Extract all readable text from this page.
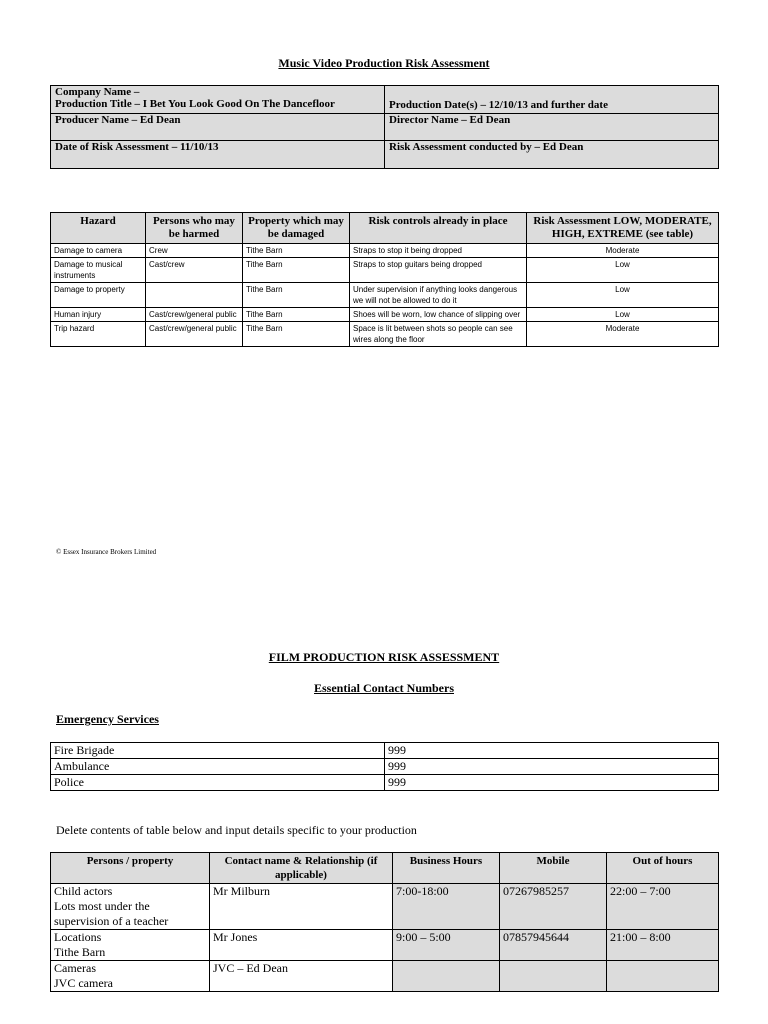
Music Video Production Risk Assessment
Company Name –
Production Title – I Bet You Look Good On The Dancefloor	Production Date(s) – 12/10/13 and further date

Producer Name – Ed Dean	Director Name – Ed Dean
Date of Risk Assessment – 11/10/13	Risk Assessment conducted by – Ed Dean
Hazard	Persons who may be harmed	Property which may be damaged	Risk controls already in place	Risk Assessment LOW, MODERATE, HIGH, EXTREME (see table)
Damage to camera	Crew	Tithe Barn	Straps to stop it being dropped	Moderate
Damage to musical instruments	Cast/crew	Tithe Barn	Straps to stop guitars being dropped	Low
Damage to property		Tithe Barn	Under supervision if anything looks dangerous we will not be allowed to do it	Low
Human injury	Cast/crew/general public	Tithe Barn	Shoes will be worn, low chance of slipping over	Low
Trip hazard	Cast/crew/general public	Tithe Barn	Space is lit between shots so people can see wires along the floor	Moderate
© Essex Insurance Brokers Limited
FILM PRODUCTION RISK ASSESSMENT
Essential Contact Numbers
Emergency Services
Fire Brigade	999
Ambulance	999
Police	999
Delete contents of table below and input details specific to your production
Persons / property	Contact name & Relationship (if applicable)	Business Hours	Mobile	Out of hours
Child actors
Lots most under the supervision of a teacher	Mr Milburn	7:00-18:00	07267985257	22:00 – 7:00
Locations
Tithe Barn	Mr Jones	9:00 – 5:00	07857945644	21:00 – 8:00
Cameras
JVC camera	JVC – Ed Dean			
